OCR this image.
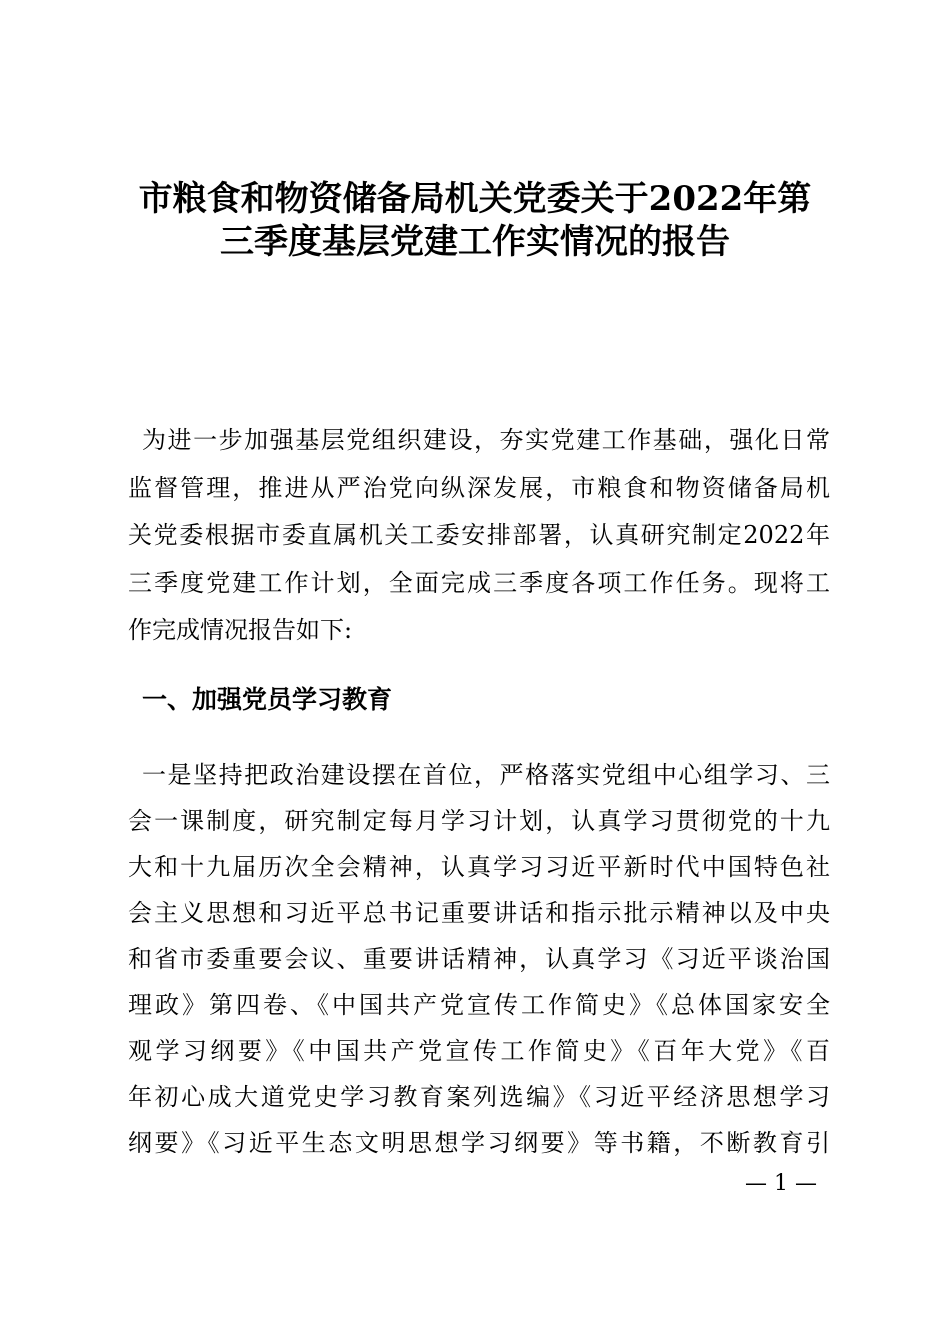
市粮食和物资储备局机关党委关于2022年第
三季度基层党建工作实情况的报告
为进一步加强基层党组织建设，夯实党建工作基础，强化日常
监督管理，推进从严治党向纵深发展，市粮食和物资储备局机
关党委根据市委直属机关工委安排部署，认真研究制定2022年
三季度党建工作计划，全面完成三季度各项工作任务。现将工
作完成情况报告如下:
一、加强党员学习教育
一是坚持把政治建设摆在首位，严格落实党组中心组学习、三
会一课制度，研究制定每月学习计划，认真学习贯彻党的十九
大和十九届历次全会精神，认真学习习近平新时代中国特色社
会主义思想和习近平总书记重要讲话和指示批示精神以及中央
和省市委重要会议、重要讲话精神，认真学习《习近平谈治国
理政》第四卷、《中国共产党宣传工作简史》《总体国家安全
观学习纲要》《中国共产党宣传工作简史》《百年大党》《百
年初心成大道党史学习教育案列选编》《习近平经济思想学习
纲要》《习近平生态文明思想学习纲要》等书籍，不断教育引
— 1 —
